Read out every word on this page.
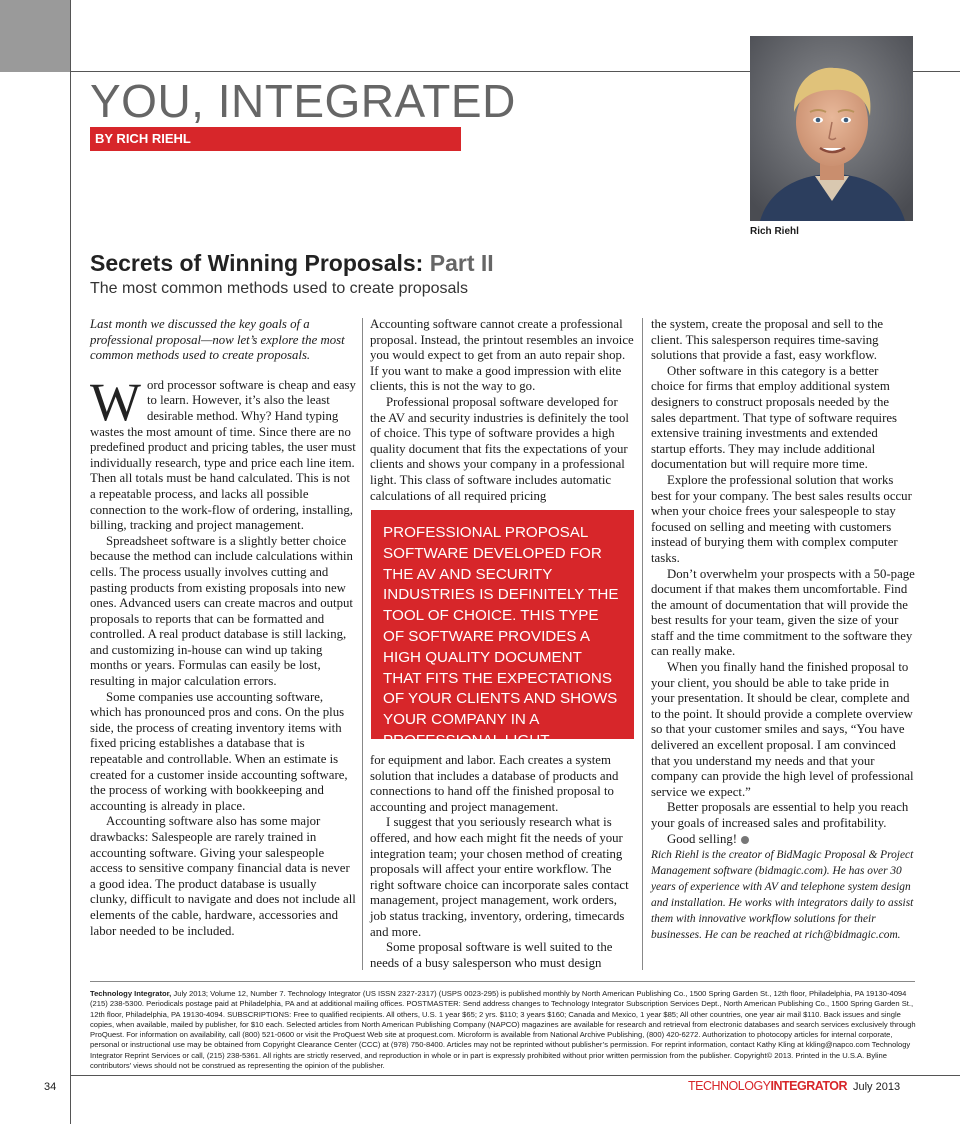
YOU, INTEGRATED
BY RICH RIEHL
Rich Riehl
Secrets of Winning Proposals: Part II
The most common methods used to create proposals

Last month we discussed the key goals of a professional proposal—now let’s explore the most common methods used to create proposals.

Word processor software is cheap and easy to learn. However, it’s also the least desirable method. Why? Hand typing wastes the most amount of time. Since there are no predefined product and pricing tables, the user must individually research, type and price each line item. Then all totals must be hand calculated. This is not a repeatable process, and lacks all possible connection to the work-flow of ordering, installing, billing, tracking and project management.

Spreadsheet software is a slightly better choice because the method can include calculations within cells. The process usually involves cutting and pasting products from existing proposals into new ones. Advanced users can create macros and output proposals to reports that can be formatted and controlled. A real product database is still lacking, and customizing in-house can wind up taking months or years. Formulas can easily be lost, resulting in major calculation errors.

Some companies use accounting software, which has pronounced pros and cons. On the plus side, the process of creating inventory items with fixed pricing establishes a database that is repeatable and controllable. When an estimate is created for a customer inside accounting software, the process of working with bookkeeping and accounting is already in place.

Accounting software also has some major drawbacks: Salespeople are rarely trained in accounting software. Giving your salespeople access to sensitive company financial data is never a good idea. The product database is usually clunky, difficult to navigate and does not include all elements of the cable, hardware, accessories and labor needed to be included.

Accounting software cannot create a professional proposal. Instead, the printout resembles an invoice you would expect to get from an auto repair shop. If you want to make a good impression with elite clients, this is not the way to go.

Professional proposal software developed for the AV and security industries is definitely the tool of choice. This type of software provides a high quality document that fits the expectations of your clients and shows your company in a professional light. This class of software includes automatic calculations of all required pricing

PROFESSIONAL PROPOSAL SOFTWARE DEVELOPED FOR THE AV AND SECURITY INDUSTRIES IS DEFINITELY THE TOOL OF CHOICE. THIS TYPE OF SOFTWARE PROVIDES A HIGH QUALITY DOCUMENT THAT FITS THE EXPECTATIONS OF YOUR CLIENTS AND SHOWS YOUR COMPANY IN A PROFESSIONAL LIGHT.

for equipment and labor. Each creates a system solution that includes a database of products and connections to hand off the finished proposal to accounting and project management.

I suggest that you seriously research what is offered, and how each might fit the needs of your integration team; your chosen method of creating proposals will affect your entire workflow. The right software choice can incorporate sales contact management, project management, work orders, job status tracking, inventory, ordering, timecards and more.

Some proposal software is well suited to the needs of a busy salesperson who must design

the system, create the proposal and sell to the client. This salesperson requires time-saving solutions that provide a fast, easy workflow.

Other software in this category is a better choice for firms that employ additional system designers to construct proposals needed by the sales department. That type of software requires extensive training investments and extended startup efforts. They may include additional documentation but will require more time.

Explore the professional solution that works best for your company. The best sales results occur when your choice frees your salespeople to stay focused on selling and meeting with customers instead of burying them with complex computer tasks.

Don’t overwhelm your prospects with a 50-page document if that makes them uncomfortable. Find the amount of documentation that will provide the best results for your team, given the size of your staff and the time commitment to the software they can really make.

When you finally hand the finished proposal to your client, you should be able to take pride in your presentation. It should be clear, complete and to the point. It should provide a complete overview so that your customer smiles and says, “You have delivered an excellent proposal. I am convinced that you understand my needs and that your company can provide the high level of professional service we expect.”

Better proposals are essential to help you reach your goals of increased sales and profitability.

Good selling!

Rich Riehl is the creator of BidMagic Proposal & Project Management software (bidmagic.com). He has over 30 years of experience with AV and telephone system design and installation. He works with integrators daily to assist them with innovative workflow solutions for their businesses. He can be reached at rich@bidmagic.com.

Technology Integrator, July 2013; Volume 12, Number 7. Technology Integrator (US ISSN 2327-2317) (USPS 0023-295) is published monthly by North American Publishing Co., 1500 Spring Garden St., 12th floor, Philadelphia, PA 19130-4094 (215) 238-5300. Periodicals postage paid at Philadelphia, PA and at additional mailing offices. POSTMASTER: Send address changes to Technology Integrator Subscription Services Dept., North American Publishing Co., 1500 Spring Garden St., 12th floor, Philadelphia, PA 19130-4094. SUBSCRIPTIONS: Free to qualified recipients. All others, U.S. 1 year $65; 2 yrs. $110; 3 years $160; Canada and Mexico, 1 year $85; All other countries, one year air mail $110. Back issues and single copies, when available, mailed by publisher, for $10 each. Selected articles from North American Publishing Company (NAPCO) magazines are available for research and retrieval from electronic databases and search services exclusively through ProQuest. For information on availability, call (800) 521-0600 or visit the ProQuest Web site at proquest.com. Microform is available from National Archive Publishing, (800) 420-6272. Authorization to photocopy articles for internal corporate, personal or instructional use may be obtained from Copyright Clearance Center (CCC) at (978) 750-8400. Articles may not be reprinted without publisher’s permission. For reprint information, contact Kathy Kling at kkling@napco.com Technology Integrator Reprint Services or call, (215) 238-5361. All rights are strictly reserved, and reproduction in whole or in part is expressly prohibited without prior written permission from the publisher. Copyright© 2013. Printed in the U.S.A. Byline contributors’ views should not be construed as representing the opinion of the publisher.
34	TECHNOLOGYINTEGRATOR July 2013
